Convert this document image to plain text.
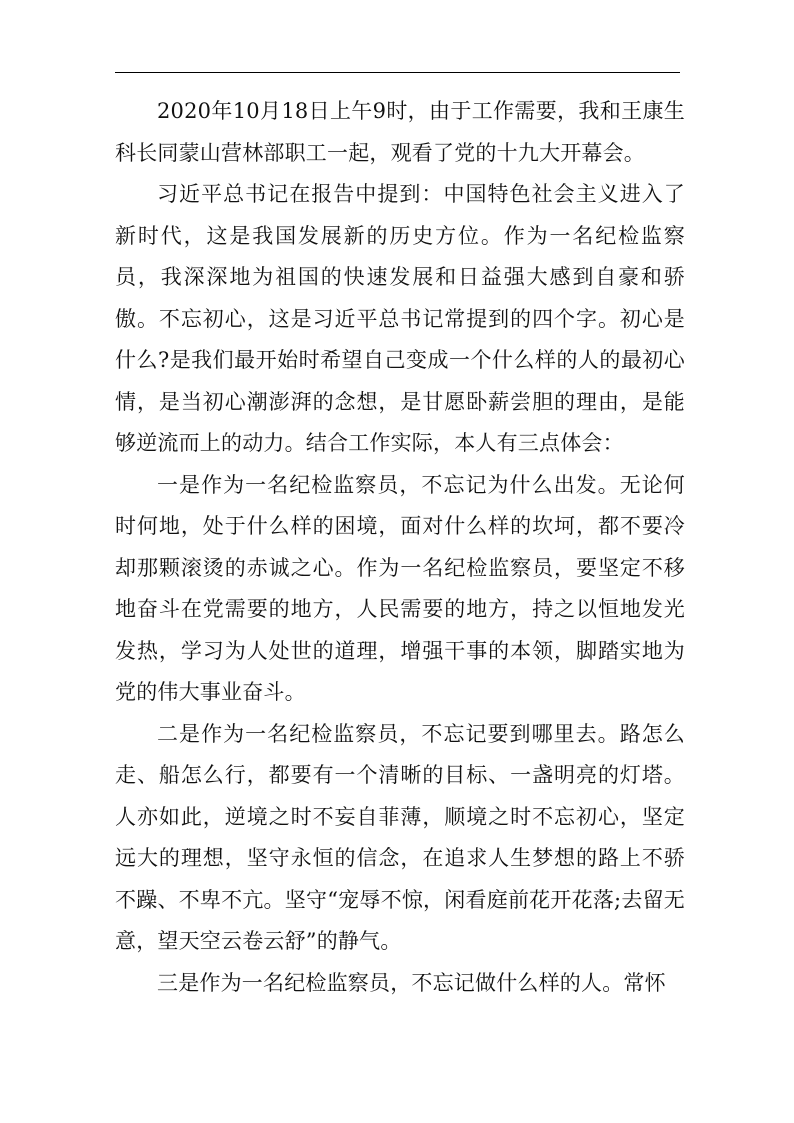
2020年10月18日上午9时，由于工作需要，我和王康生科长同蒙山营林部职工一起，观看了党的十九大开幕会。

习近平总书记在报告中提到：中国特色社会主义进入了新时代，这是我国发展新的历史方位。作为一名纪检监察员，我深深地为祖国的快速发展和日益强大感到自豪和骄傲。不忘初心，这是习近平总书记常提到的四个字。初心是什么?是我们最开始时希望自己变成一个什么样的人的最初心情，是当初心潮澎湃的念想，是甘愿卧薪尝胆的理由，是能够逆流而上的动力。结合工作实际，本人有三点体会：

一是作为一名纪检监察员，不忘记为什么出发。无论何时何地，处于什么样的困境，面对什么样的坎坷，都不要冷却那颗滚烫的赤诚之心。作为一名纪检监察员，要坚定不移地奋斗在党需要的地方，人民需要的地方，持之以恒地发光发热，学习为人处世的道理，增强干事的本领，脚踏实地为党的伟大事业奋斗。

二是作为一名纪检监察员，不忘记要到哪里去。路怎么走、船怎么行，都要有一个清晰的目标、一盏明亮的灯塔。人亦如此，逆境之时不妄自菲薄，顺境之时不忘初心，坚定远大的理想，坚守永恒的信念，在追求人生梦想的路上不骄不躁、不卑不亢。坚守“宠辱不惊，闲看庭前花开花落;去留无意，望天空云卷云舒”的静气。

三是作为一名纪检监察员，不忘记做什么样的人。常怀
